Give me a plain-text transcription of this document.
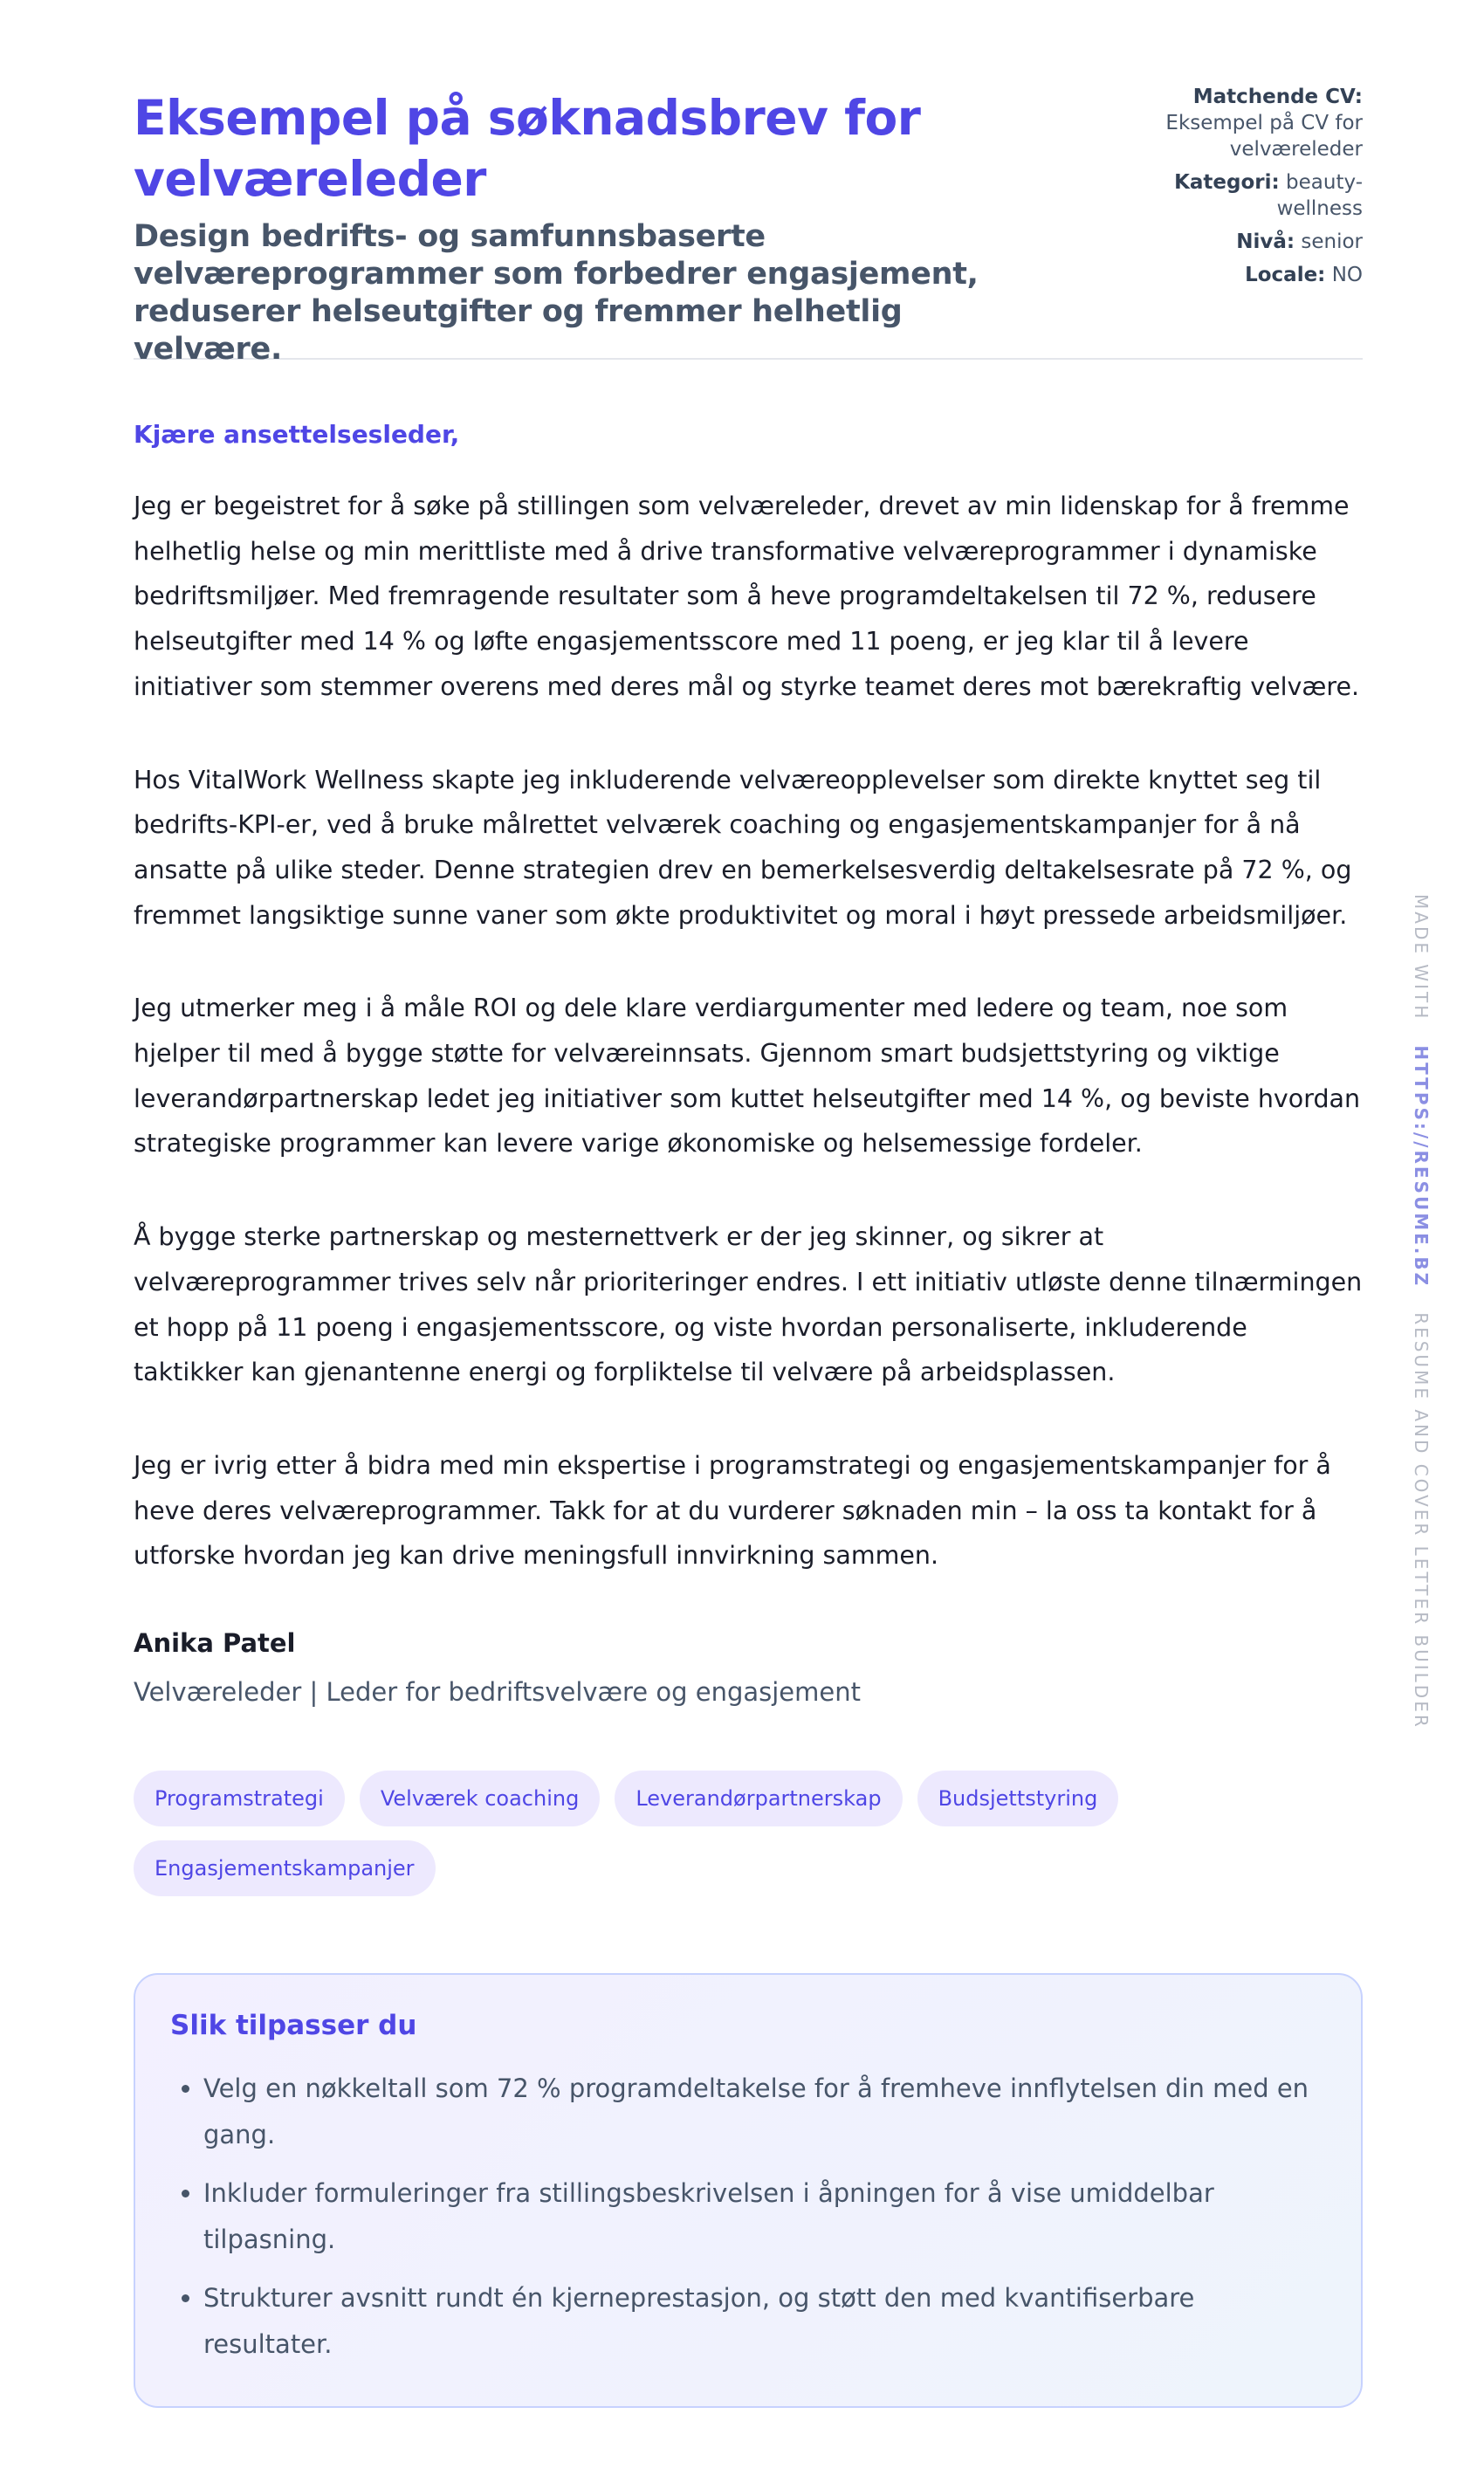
Eksempel på søknadsbrev for velværeleder
Design bedrifts- og samfunnsbaserte velværeprogrammer som forbedrer engasjement, reduserer helseutgifter og fremmer helhetlig velvære.
Matchende CV:
Eksempel på CV for velværeleder
Kategori: beauty-wellness
Nivå: senior
Locale: NO
Kjære ansettelsesleder,

Jeg er begeistret for å søke på stillingen som velværeleder, drevet av min lidenskap for å fremme helhetlig helse og min merittliste med å drive transformative velværeprogrammer i dynamiske bedriftsmiljøer. Med fremragende resultater som å heve programdeltakelsen til 72 %, redusere helseutgifter med 14 % og løfte engasjementsscore med 11 poeng, er jeg klar til å levere initiativer som stemmer overens med deres mål og styrke teamet deres mot bærekraftig velvære.

Hos VitalWork Wellness skapte jeg inkluderende velværeopplevelser som direkte knyttet seg til bedrifts-KPI-er, ved å bruke målrettet velværek coaching og engasjementskampanjer for å nå ansatte på ulike steder. Denne strategien drev en bemerkelsesverdig deltakelsesrate på 72 %, og fremmet langsiktige sunne vaner som økte produktivitet og moral i høyt pressede arbeidsmiljøer.

Jeg utmerker meg i å måle ROI og dele klare verdiargumenter med ledere og team, noe som hjelper til med å bygge støtte for velværeinnsats. Gjennom smart budsjettstyring og viktige leverandørpartnerskap ledet jeg initiativer som kuttet helseutgifter med 14 %, og beviste hvordan strategiske programmer kan levere varige økonomiske og helsemessige fordeler.

Å bygge sterke partnerskap og mesternettverk er der jeg skinner, og sikrer at velværeprogrammer trives selv når prioriteringer endres. I ett initiativ utløste denne tilnærmingen et hopp på 11 poeng i engasjementsscore, og viste hvordan personaliserte, inkluderende taktikker kan gjenantenne energi og forpliktelse til velvære på arbeidsplassen.

Jeg er ivrig etter å bidra med min ekspertise i programstrategi og engasjementskampanjer for å heve deres velværeprogrammer. Takk for at du vurderer søknaden min – la oss ta kontakt for å utforske hvordan jeg kan drive meningsfull innvirkning sammen.

Anika Patel
Velværeleder | Leder for bedriftsvelvære og engasjement
Programstrategi	Velværek coaching	Leverandørpartnerskap	Budsjettstyring
Engasjementskampanjer
Slik tilpasser du
• Velg en nøkkeltall som 72 % programdeltakelse for å fremheve innflytelsen din med en gang.
• Inkluder formuleringer fra stillingsbeskrivelsen i åpningen for å vise umiddelbar tilpasning.
• Strukturer avsnitt rundt én kjerneprestasjon, og støtt den med kvantifiserbare resultater.
MADE WITH   HTTPS://RESUME.BZ   RESUME AND COVER LETTER BUILDER
